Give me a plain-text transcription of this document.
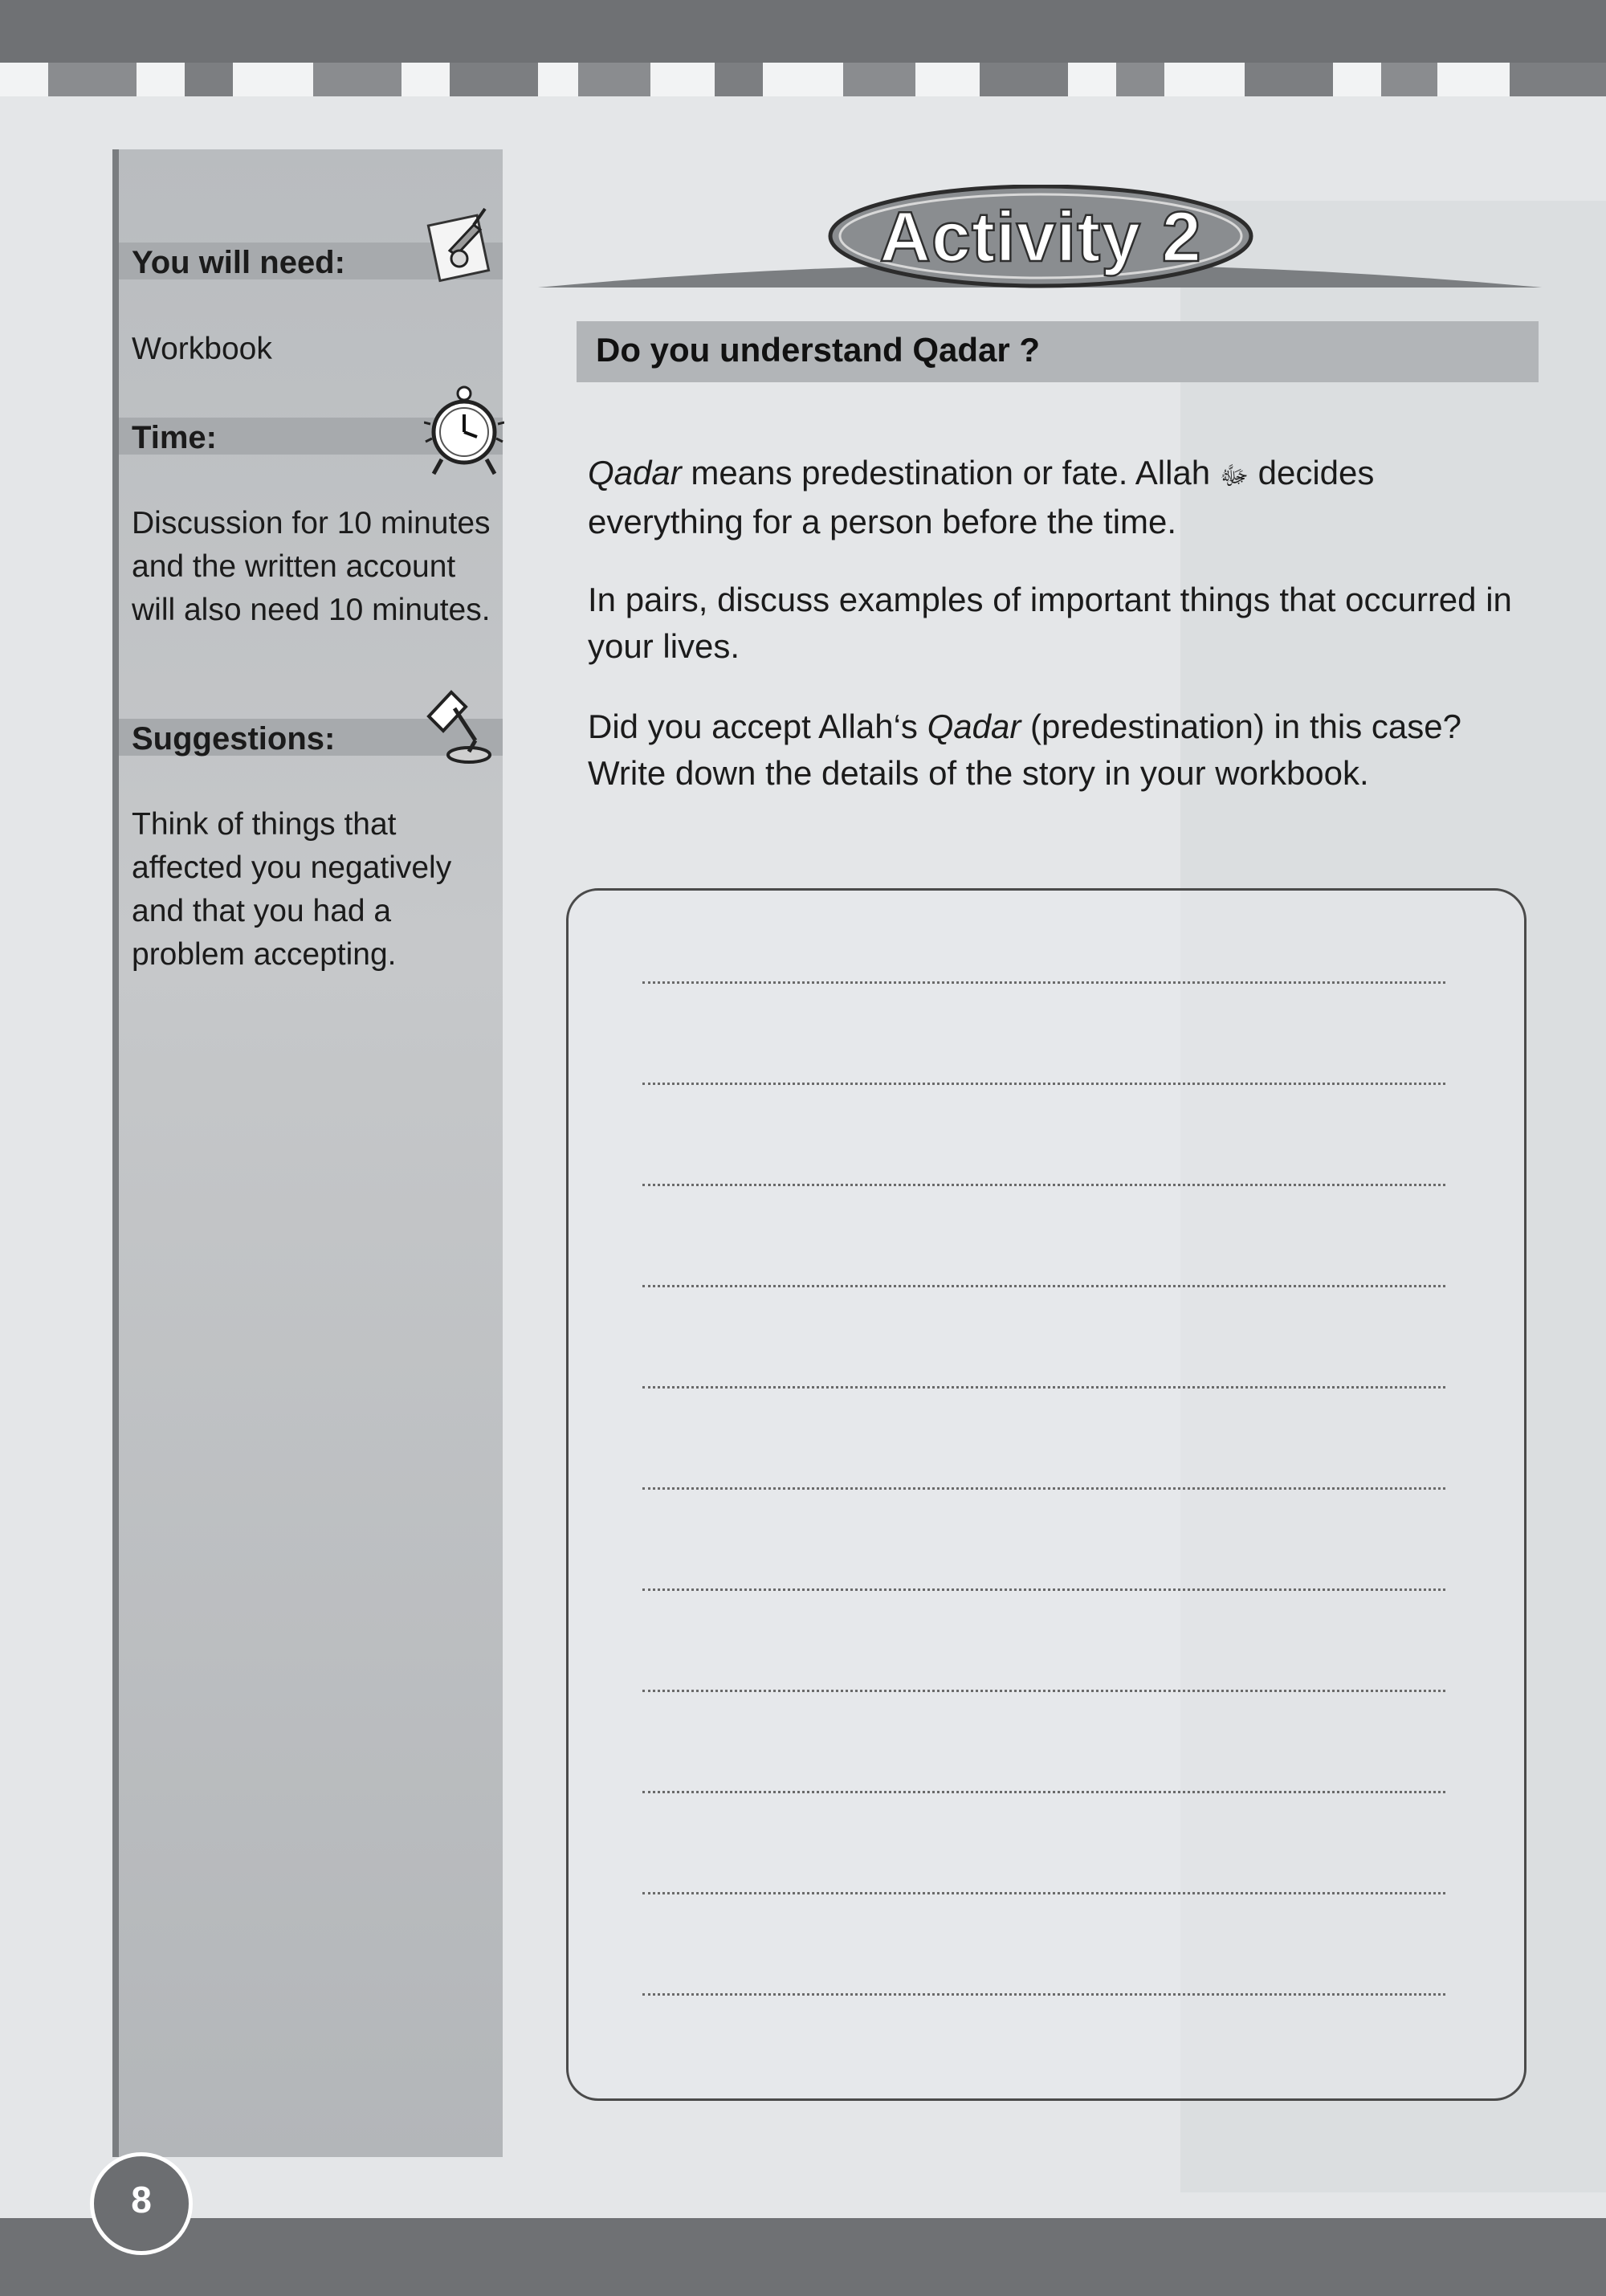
You will need:
Workbook
Time:
Discussion for 10 minutes and the written account will also need 10 minutes.
Suggestions:
Think of things that affected you negatively and that you had a problem accepting.
Activity 2
Do you understand Qadar ?
Qadar means predestination or fate. Allah ﷻ decides everything for a person before the time.
In pairs, discuss examples of important things that occurred in your lives.
Did you accept Allah‘s Qadar (predestination) in this case? Write down the details of the story in your workbook.
8
